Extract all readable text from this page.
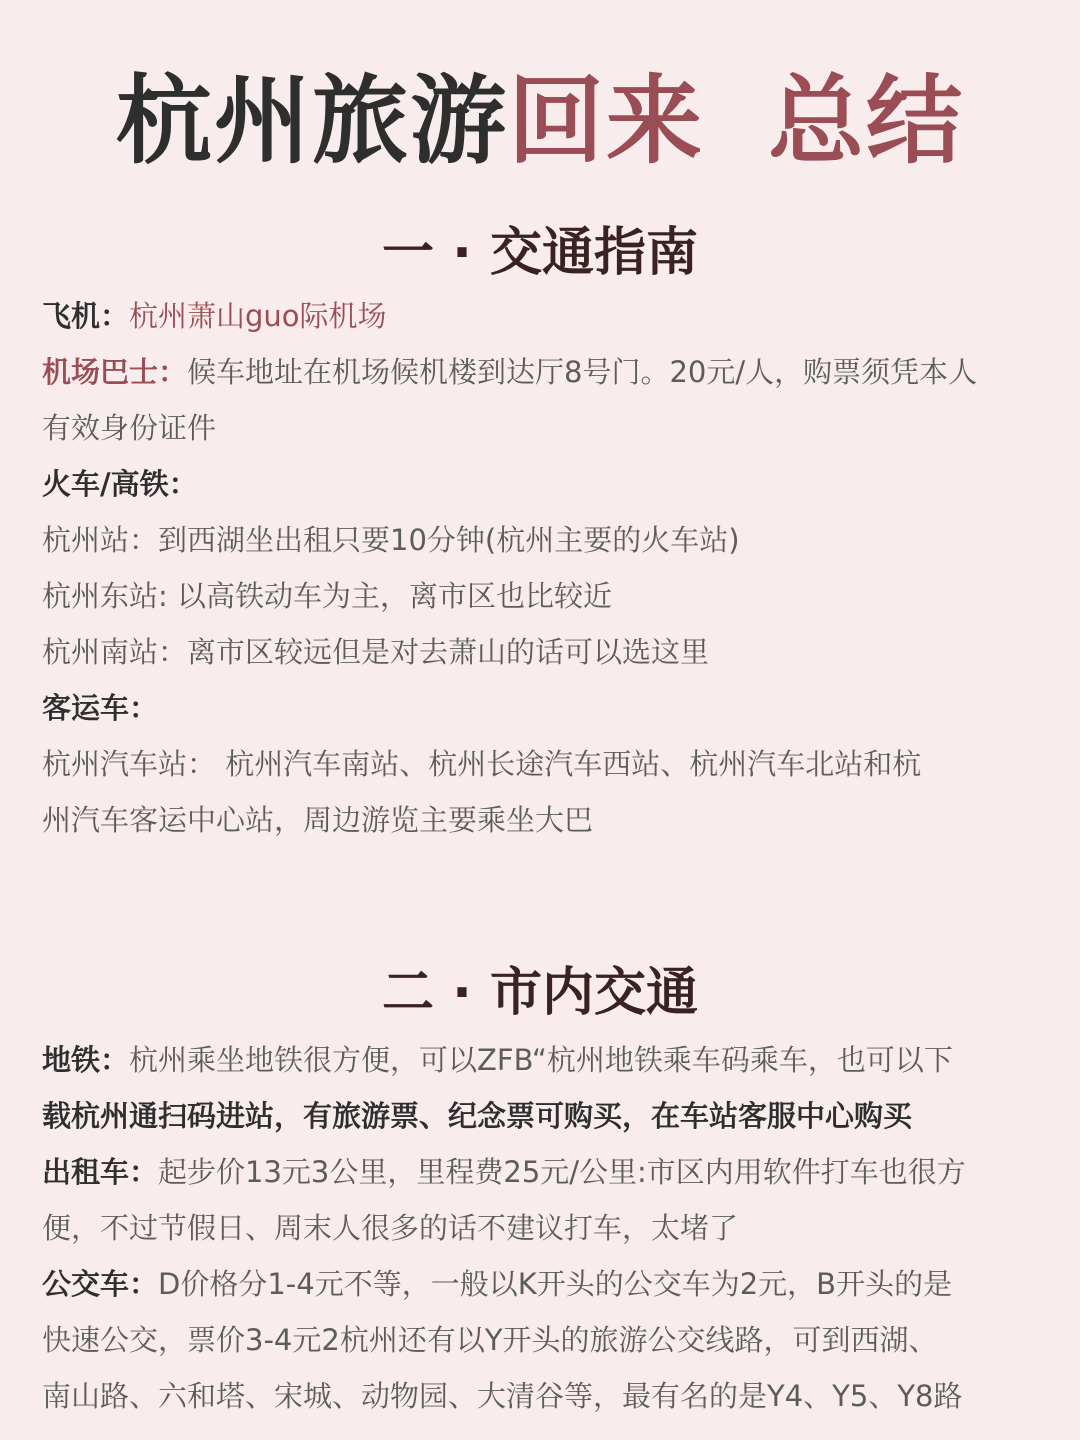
杭州旅游回来 总结
一 · 交通指南

飞机：杭州萧山guo际机场

机场巴士：候车地址在机场候机楼到达厅8号门。20元/人，购票须凭本人

有效身份证件

火车/高铁：

杭州站：到西湖坐出租只要10分钟(杭州主要的火车站)

杭州东站: 以高铁动车为主，离市区也比较近

杭州南站：离市区较远但是对去萧山的话可以选这里

客运车：

杭州汽车站： 杭州汽车南站、杭州长途汽车西站、杭州汽车北站和杭

州汽车客运中心站，周边游览主要乘坐大巴

二 · 市内交通

地铁：杭州乘坐地铁很方便，可以ZFB“杭州地铁乘车码乘车，也可以下

载杭州通扫码进站，有旅游票、纪念票可购买，在车站客服中心购买

出租车：起步价13元3公里，里程费25元/公里:市区内用软件打车也很方

便，不过节假日、周末人很多的话不建议打车，太堵了

公交车：D价格分1-4元不等，一般以K开头的公交车为2元，B开头的是

快速公交，票价3-4元2杭州还有以Y开头的旅游公交线路，可到西湖、

南山路、六和塔、宋城、动物园、大清谷等，最有名的是Y4、Y5、Y8路
